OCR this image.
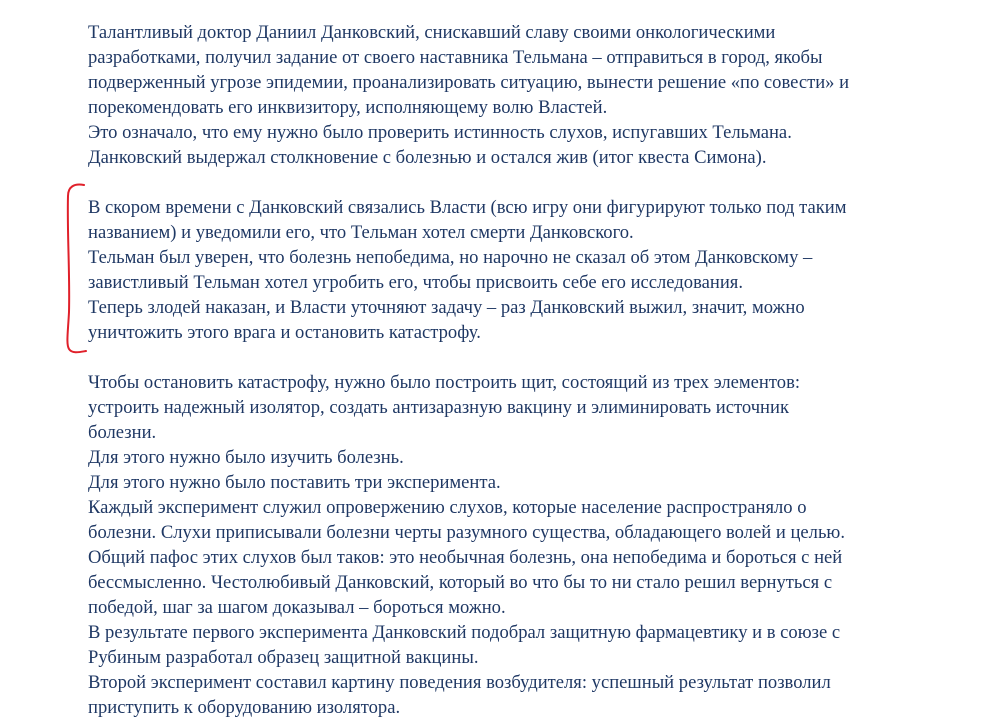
Талантливый доктор Даниил Данковский, снискавший славу своими онкологическими
разработками, получил задание от своего наставника Тельмана – отправиться в город, якобы
подверженный угрозе эпидемии, проанализировать ситуацию, вынести решение «по совести» и
порекомендовать его инквизитору, исполняющему волю Властей.
Это означало, что ему нужно было проверить истинность слухов, испугавших Тельмана.
Данковский выдержал столкновение с болезнью и остался жив (итог квеста Симона).

В скором времени с Данковский связались Власти (всю игру они фигурируют только под таким
названием) и уведомили его, что Тельман хотел смерти Данковского.
Тельман был уверен, что болезнь непобедима, но нарочно не сказал об этом Данковскому –
завистливый Тельман хотел угробить его, чтобы присвоить себе его исследования.
Теперь злодей наказан, и Власти уточняют задачу – раз Данковский выжил, значит, можно
уничтожить этого врага и остановить катастрофу.

Чтобы остановить катастрофу, нужно было построить щит, состоящий из трех элементов:
устроить надежный изолятор, создать антизаразную вакцину и элиминировать источник
болезни.
Для этого нужно было изучить болезнь.
Для этого нужно было поставить три эксперимента.
Каждый эксперимент служил опровержению слухов, которые население распространяло о
болезни. Слухи приписывали болезни черты разумного существа, обладающего волей и целью.
Общий пафос этих слухов был таков: это необычная болезнь, она непобедима и бороться с ней
бессмысленно. Честолюбивый Данковский, который во что бы то ни стало решил вернуться с
победой, шаг за шагом доказывал – бороться можно.
В результате первого эксперимента Данковский подобрал защитную фармацевтику и в союзе с
Рубиным разработал образец защитной вакцины.
Второй эксперимент составил картину поведения возбудителя: успешный результат позволил
приступить к оборудованию изолятора.
